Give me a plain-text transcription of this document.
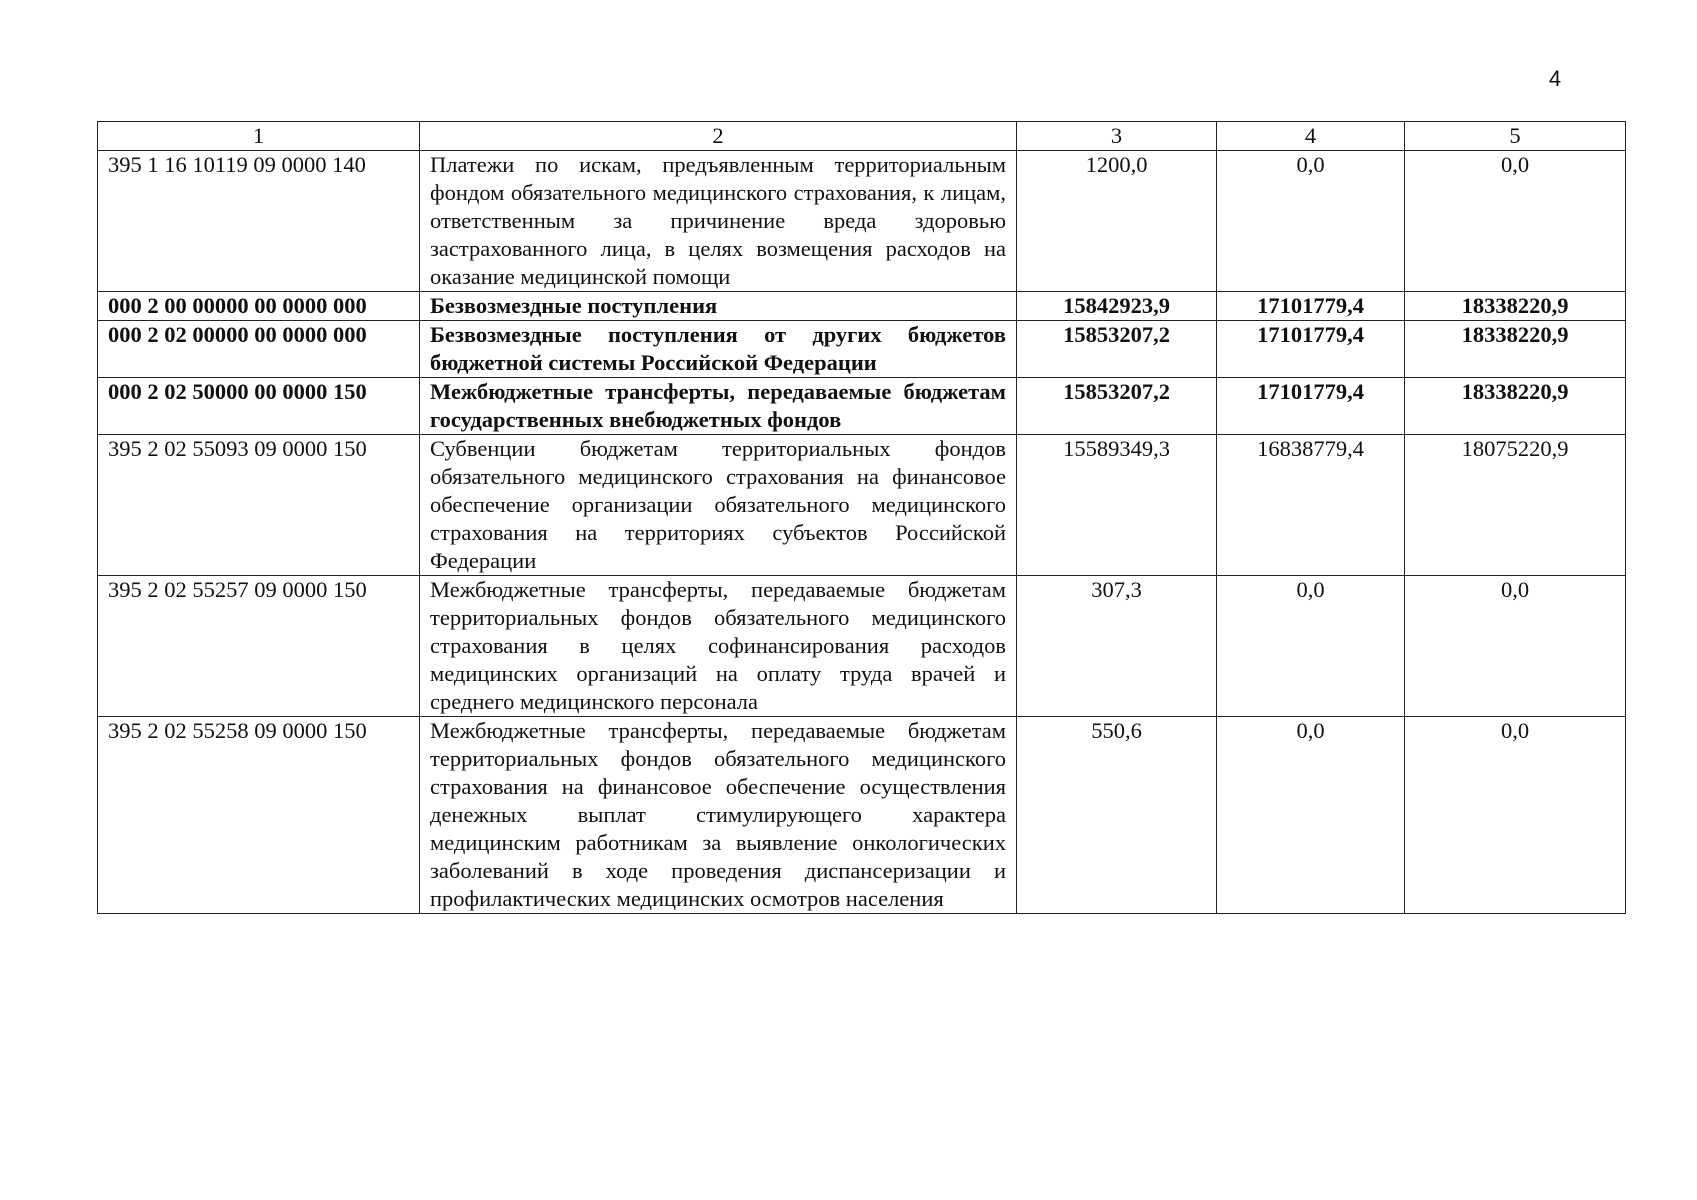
4
1	2	3	4	5
395 1 16 10119 09 0000 140	Платежи по искам, предъявленным территориальным фондом обязательного медицинского страхования, к лицам, ответственным за причинение вреда здоровью застрахованного лица, в целях возмещения расходов на оказание медицинской помощи	1200,0	0,0	0,0
000 2 00 00000 00 0000 000	Безвозмездные поступления	15842923,9	17101779,4	18338220,9
000 2 02 00000 00 0000 000	Безвозмездные поступления от других бюджетов бюджетной системы Российской Федерации	15853207,2	17101779,4	18338220,9
000 2 02 50000 00 0000 150	Межбюджетные трансферты, передаваемые бюджетам государственных внебюджетных фондов	15853207,2	17101779,4	18338220,9
395 2 02 55093 09 0000 150	Субвенции бюджетам территориальных фондов обязательного медицинского страхования на финансовое обеспечение организации обязательного медицинского страхования на территориях субъектов Российской Федерации	15589349,3	16838779,4	18075220,9
395 2 02 55257 09 0000 150	Межбюджетные трансферты, передаваемые бюджетам территориальных фондов обязательного медицинского страхования в целях софинансирования расходов медицинских организаций на оплату труда врачей и среднего медицинского персонала	307,3	0,0	0,0
395 2 02 55258 09 0000 150	Межбюджетные трансферты, передаваемые бюджетам территориальных фондов обязательного медицинского страхования на финансовое обеспечение осуществления денежных выплат стимулирующего характера медицинским работникам за выявление онкологических заболеваний в ходе проведения диспансеризации и профилактических медицинских осмотров населения	550,6	0,0	0,0
